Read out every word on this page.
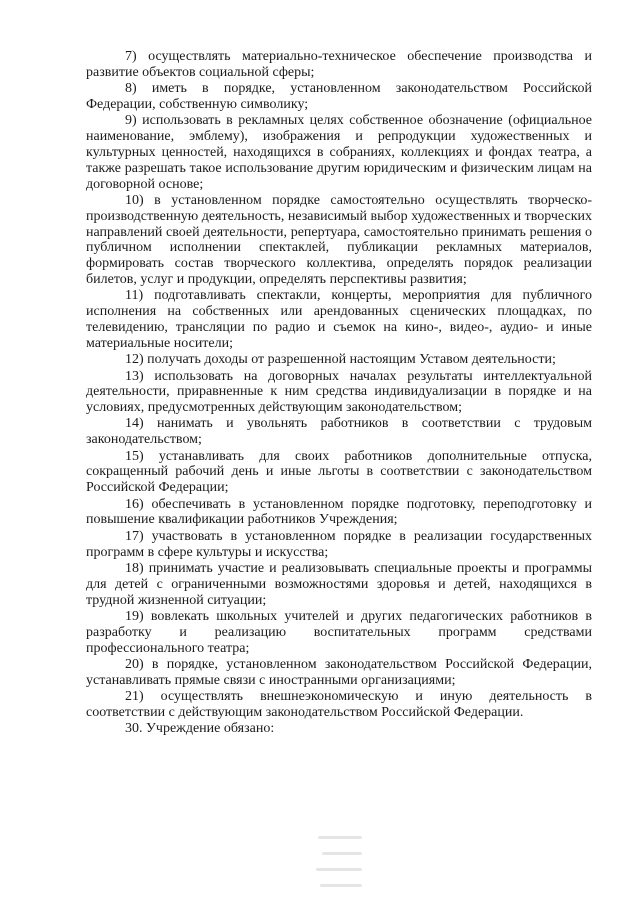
7) осуществлять материально-техническое обеспечение производства и развитие объектов социальной сферы;

8) иметь в порядке, установленном законодательством Российской Федерации, собственную символику;

9) использовать в рекламных целях собственное обозначение (официальное наименование, эмблему), изображения и репродукции художественных и культурных ценностей, находящихся в собраниях, коллекциях и фондах театра, а также разрешать такое использование другим юридическим и физическим лицам на договорной основе;

10) в установленном порядке самостоятельно осуществлять творческо-производственную деятельность, независимый выбор художественных и творческих направлений своей деятельности, репертуара, самостоятельно принимать решения о публичном исполнении спектаклей, публикации рекламных материалов, формировать состав творческого коллектива, определять порядок реализации билетов, услуг и продукции, определять перспективы развития;

11) подготавливать спектакли, концерты, мероприятия для публичного исполнения на собственных или арендованных сценических площадках, по телевидению, трансляции по радио и съемок на кино-, видео-, аудио- и иные материальные носители;

12) получать доходы от разрешенной настоящим Уставом деятельности;

13) использовать на договорных началах результаты интеллектуальной деятельности, приравненные к ним средства индивидуализации в порядке и на условиях, предусмотренных действующим законодательством;

14) нанимать и увольнять работников в соответствии с трудовым законодательством;

15) устанавливать для своих работников дополнительные отпуска, сокращенный рабочий день и иные льготы в соответствии с законодательством Российской Федерации;

16) обеспечивать в установленном порядке подготовку, переподготовку и повышение квалификации работников Учреждения;

17) участвовать в установленном порядке в реализации государственных программ в сфере культуры и искусства;

18) принимать участие и реализовывать специальные проекты и программы для детей с ограниченными возможностями здоровья и детей, находящихся в трудной жизненной ситуации;

19) вовлекать школьных учителей и других педагогических работников в разработку и реализацию воспитательных программ средствами профессионального театра;

20) в порядке, установленном законодательством Российской Федерации, устанавливать прямые связи с иностранными организациями;

21) осуществлять внешнеэкономическую и иную деятельность в соответствии с действующим законодательством Российской Федерации.

30. Учреждение обязано:
